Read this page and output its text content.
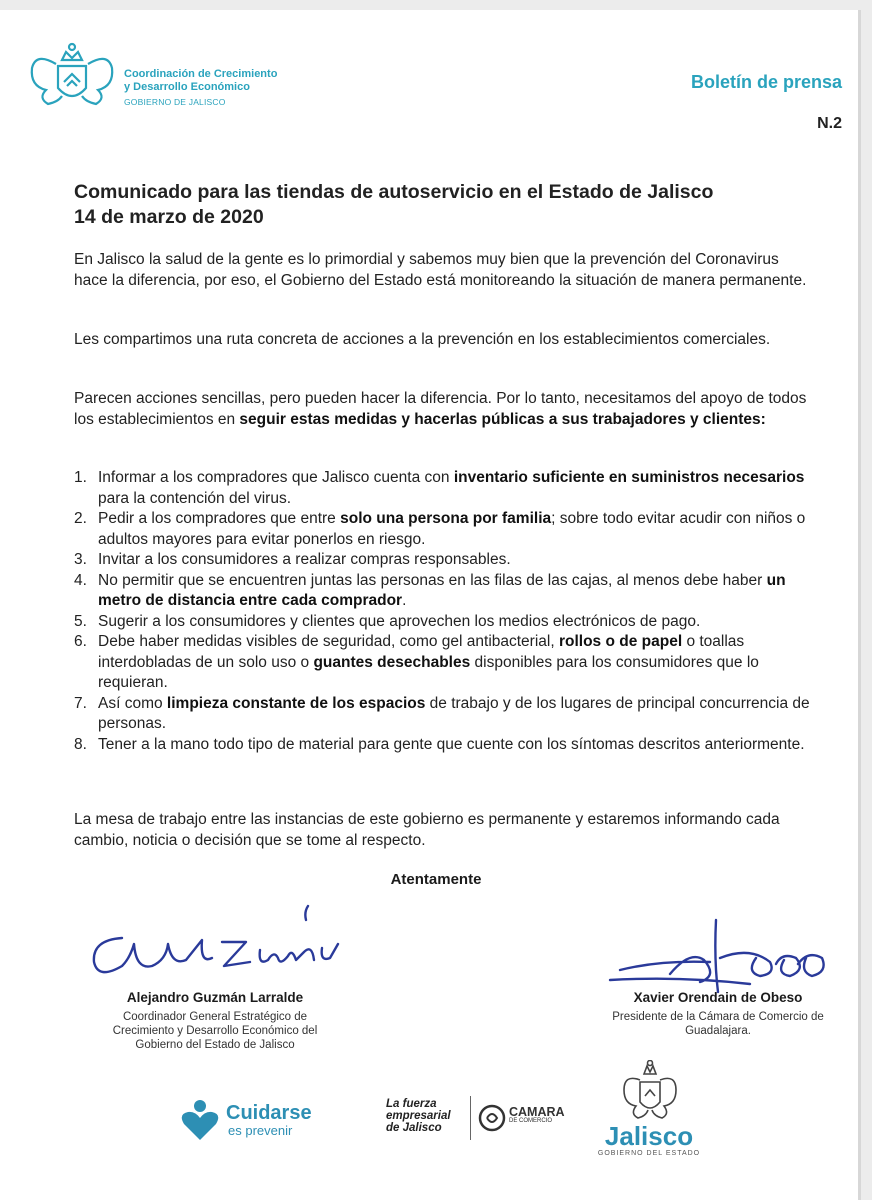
Coordinación de Crecimiento
y Desarrollo Económico
GOBIERNO DE JALISCO
Boletín de prensa
N.2
Comunicado para las tiendas de autoservicio en el Estado de Jalisco
14 de marzo de 2020
En Jalisco la salud de la gente es lo primordial y sabemos muy bien que la prevención del Coronavirus hace la diferencia, por eso, el Gobierno del Estado está monitoreando la situación de manera permanente.
Les compartimos una ruta concreta de acciones a la prevención en los establecimientos comerciales.
Parecen acciones sencillas, pero pueden hacer la diferencia. Por lo tanto, necesitamos del apoyo de todos los establecimientos en seguir estas medidas y hacerlas públicas a sus trabajadores y clientes:
1. Informar a los compradores que Jalisco cuenta con inventario suficiente en suministros necesarios para la contención del virus.
2. Pedir a los compradores que entre solo una persona por familia; sobre todo evitar acudir con niños o adultos mayores para evitar ponerlos en riesgo.
3. Invitar a los consumidores a realizar compras responsables.
4. No permitir que se encuentren juntas las personas en las filas de las cajas, al menos debe haber un metro de distancia entre cada comprador.
5. Sugerir a los consumidores y clientes que aprovechen los medios electrónicos de pago.
6. Debe haber medidas visibles de seguridad, como gel antibacterial, rollos o de papel o toallas interdobladas de un solo uso o guantes desechables disponibles para los consumidores que lo requieran.
7. Así como limpieza constante de los espacios de trabajo y de los lugares de principal concurrencia de personas.
8. Tener a la mano todo tipo de material para gente que cuente con los síntomas descritos anteriormente.
La mesa de trabajo entre las instancias de este gobierno es permanente y estaremos informando cada cambio, noticia o decisión que se tome al respecto.
Atentamente
Alejandro Guzmán Larralde
Coordinador General Estratégico de
Crecimiento y Desarrollo Económico del
Gobierno del Estado de Jalisco
Xavier Orendain de Obeso
Presidente de la Cámara de Comercio de
Guadalajara.
Cuidarse
es prevenir
La fuerza
empresarial
de Jalisco
CAMARA
DE COMERCIO	Jalisco
GOBIERNO DEL ESTADO
